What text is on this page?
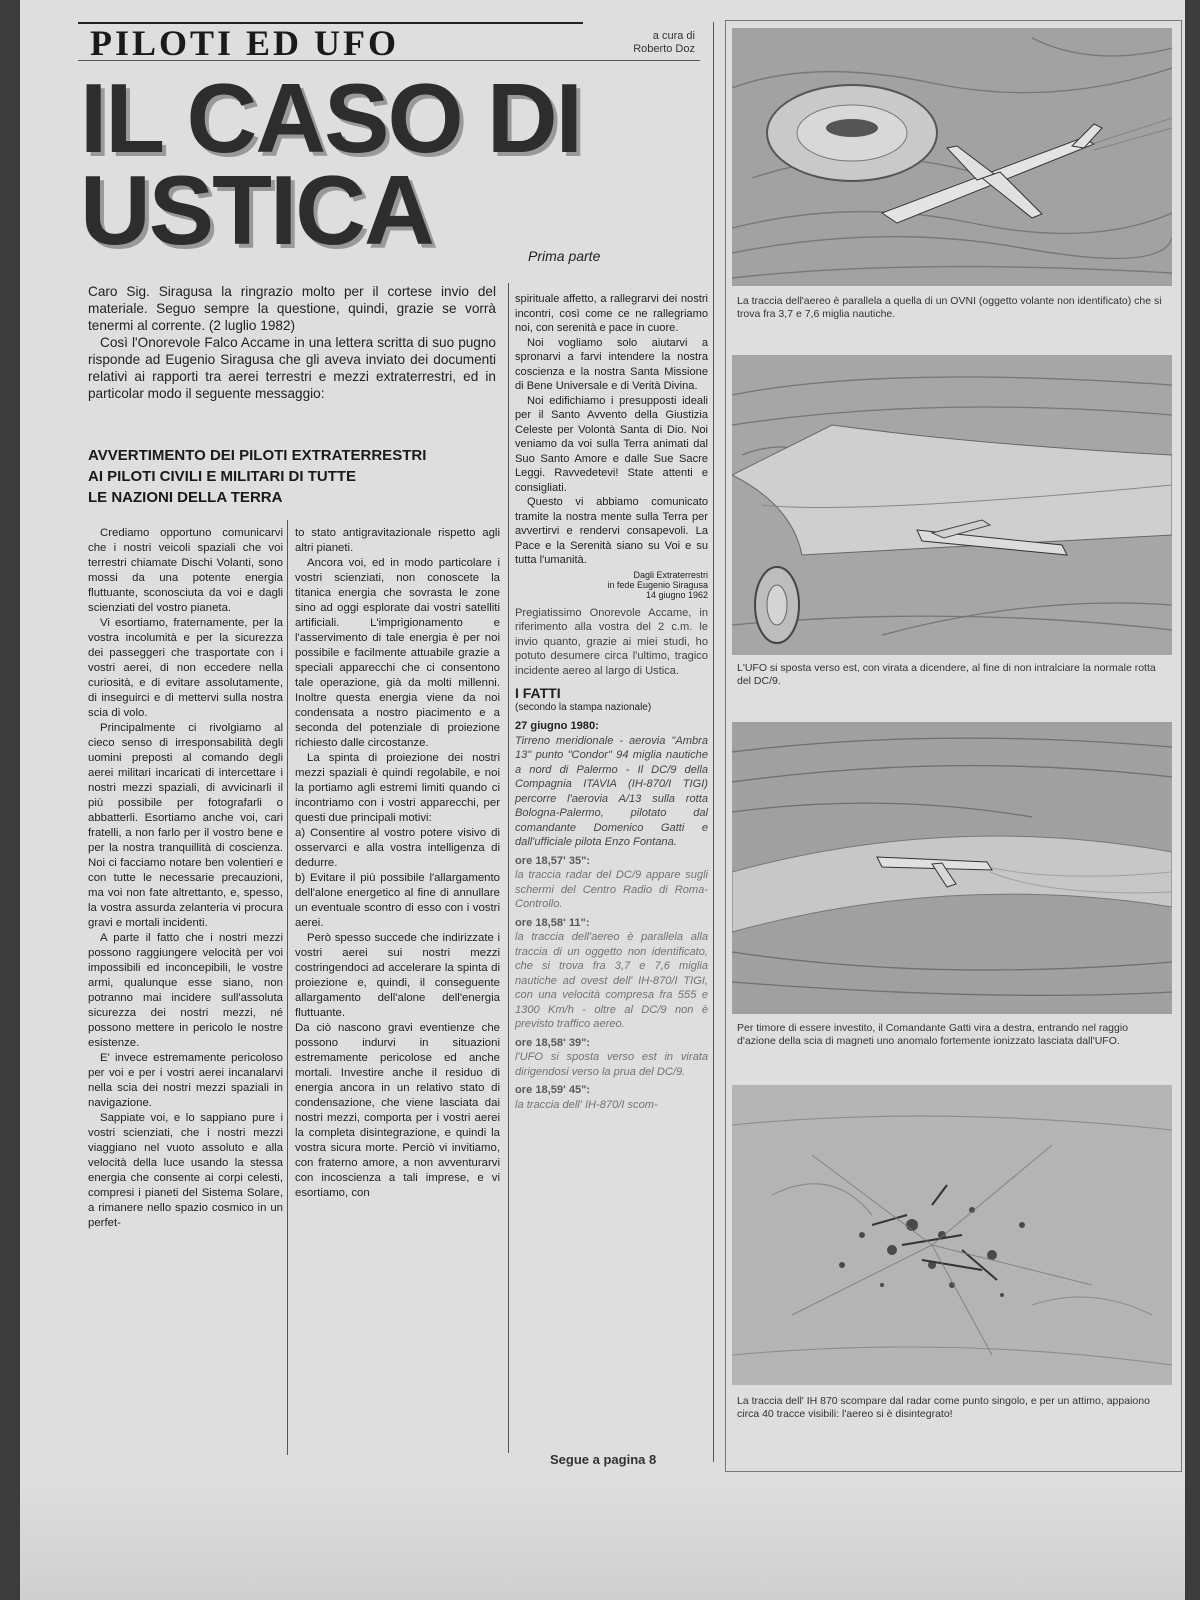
PILOTI ED UFO	a cura di
Roberto Doz
IL CASO DI
USTICA	Prima parte

Caro Sig. Siragusa la ringrazio molto per il cortese invio del materiale. Seguo sempre la questione, quindi, grazie se vorrà tenermi al corrente. (2 luglio 1982)

Così l'Onorevole Falco Accame in una lettera scritta di suo pugno risponde ad Eugenio Siragusa che gli aveva inviato dei documenti relativi ai rapporti tra aerei terrestri e mezzi extraterrestri, ed in particolar modo il seguente messaggio:

AVVERTIMENTO DEI PILOTI EXTRATERRESTRI
AI PILOTI CIVILI E MILITARI DI TUTTE
LE NAZIONI DELLA TERRA

Crediamo opportuno comunicarvi che i nostri veicoli spaziali che voi terrestri chiamate Dischi Volanti, sono mossi da una potente energia fluttuante, sconosciuta da voi e dagli scienziati del vostro pianeta.

Vi esortiamo, fraternamente, per la vostra incolumità e per la sicurezza dei passeggeri che trasportate con i vostri aerei, di non eccedere nella curiosità, e di evitare assolutamente, di inseguirci e di mettervi sulla nostra scia di volo.

Principalmente ci rivolgiamo al cieco senso di irresponsabilità degli uomini preposti al comando degli aerei militari incaricati di intercettare i nostri mezzi spaziali, di avvicinarli il più possibile per fotografarli o abbatterli. Esortiamo anche voi, cari fratelli, a non farlo per il vostro bene e per la nostra tranquillità di coscienza. Noi ci facciamo notare ben volentieri e con tutte le necessarie precauzioni, ma voi non fate altrettanto, e, spesso, la vostra assurda zelanteria vi procura gravi e mortali incidenti.

A parte il fatto che i nostri mezzi possono raggiungere velocità per voi impossibili ed inconcepibili, le vostre armi, qualunque esse siano, non potranno mai incidere sull'assoluta sicurezza dei nostri mezzi, né possono mettere in pericolo le nostre esistenze.

E' invece estremamente pericoloso per voi e per i vostri aerei incanalarvi nella scia dei nostri mezzi spaziali in navigazione.

Sappiate voi, e lo sappiano pure i vostri scienziati, che i nostri mezzi viaggiano nel vuoto assoluto e alla velocità della luce usando la stessa energia che consente ai corpi celesti, compresi i pianeti del Sistema Solare, a rimanere nello spazio cosmico in un perfet-

to stato antigravitazionale rispetto agli altri pianeti.

Ancora voi, ed in modo particolare i vostri scienziati, non conoscete la titanica energia che sovrasta le zone sino ad oggi esplorate dai vostri satelliti artificiali. L'imprigionamento e l'asservimento di tale energia è per noi possibile e facilmente attuabile grazie a speciali apparecchi che ci consentono tale operazione, già da molti millenni. Inoltre questa energia viene da noi condensata a nostro piacimento e a seconda del potenziale di proiezione richiesto dalle circostanze.

La spinta di proiezione dei nostri mezzi spaziali è quindi regolabile, e noi la portiamo agli estremi limiti quando ci incontriamo con i vostri apparecchi, per questi due principali motivi:

a) Consentire al vostro potere visivo di osservarci e alla vostra intelligenza di dedurre.

b) Evitare il più possibile l'allargamento dell'alone energetico al fine di annullare un eventuale scontro di esso con i vostri aerei.

Però spesso succede che indirizzate i vostri aerei sui nostri mezzi costringendoci ad accelerare la spinta di proiezione e, quindi, il conseguente allargamento dell'alone dell'energia fluttuante.

Da ciò nascono gravi eventienze che possono indurvi in situazioni estremamente pericolose ed anche mortali. Investire anche il residuo di energia ancora in un relativo stato di condensazione, che viene lasciata dai nostri mezzi, comporta per i vostri aerei la completa disintegrazione, e quindi la vostra sicura morte. Perciò vi invitiamo, con fraterno amore, a non avventurarvi con incoscienza a tali imprese, e vi esortiamo, con

spirituale affetto, a rallegrarvi dei nostri incontri, così come ce ne rallegriamo noi, con serenità e pace in cuore.

Noi vogliamo solo aiutarvi a spronarvi a farvi intendere la nostra coscienza e la nostra Santa Missione di Bene Universale e di Verità Divina.

Noi edifichiamo i presupposti ideali per il Santo Avvento della Giustizia Celeste per Volontà Santa di Dio. Noi veniamo da voi sulla Terra animati dal Suo Santo Amore e dalle Sue Sacre Leggi. Ravvedetevi! State attenti e consigliati.

Questo vi abbiamo comunicato tramite la nostra mente sulla Terra per avvertirvi e rendervi consapevoli. La Pace e la Serenità siano su Voi e su tutta l'umanità.

Dagli Extraterrestri
in fede Eugenio Siragusa
14 giugno 1962

Pregiatissimo Onorevole Accame, in riferimento alla vostra del 2 c.m. le invio quanto, grazie ai miei studi, ho potuto desumere circa l'ultimo, tragico incidente aereo al largo di Ustica.

I FATTI

(secondo la stampa nazionale)

27 giugno 1980:

Tirreno meridionale - aerovia "Ambra 13" punto "Condor" 94 miglia nautiche a nord di Palermo - Il DC/9 della Compagnia ITAVIA (IH-870/I TIGI) percorre l'aerovia A/13 sulla rotta Bologna-Palermo, pilotato dal comandante Domenico Gatti e dall'ufficiale pilota Enzo Fontana.

ore 18,57' 35":

la traccia radar del DC/9 appare sugli schermi del Centro Radio di Roma-Controllo.

ore 18,58' 11":

la traccia dell'aereo è parallela alla traccia di un oggetto non identificato, che si trova fra 3,7 e 7,6 miglia nautiche ad ovest dell' IH-870/I TIGI, con una velocità compresa fra 555 e 1300 Km/h - oltre al DC/9 non è previsto traffico aereo.

ore 18,58' 39":

l'UFO si sposta verso est in virata dirigendosi verso la prua del DC/9.

ore 18,59' 45":

la traccia dell' IH-870/I scom-

Segue a pagina 8
La traccia dell'aereo è parallela a quella di un OVNI (oggetto volante non identificato) che si trova fra 3,7 e 7,6 miglia nautiche.
L'UFO si sposta verso est, con virata a dicendere, al fine di non intralciare la normale rotta del DC/9.
Per timore di essere investito, il Comandante Gatti vira a destra, entrando nel raggio d'azione della scia di magneti uno anomalo fortemente ionizzato lasciata dall'UFO.
La traccia dell' IH 870 scompare dal radar come punto singolo, e per un attimo, appaiono circa 40 tracce visibili: l'aereo si è disintegrato!
